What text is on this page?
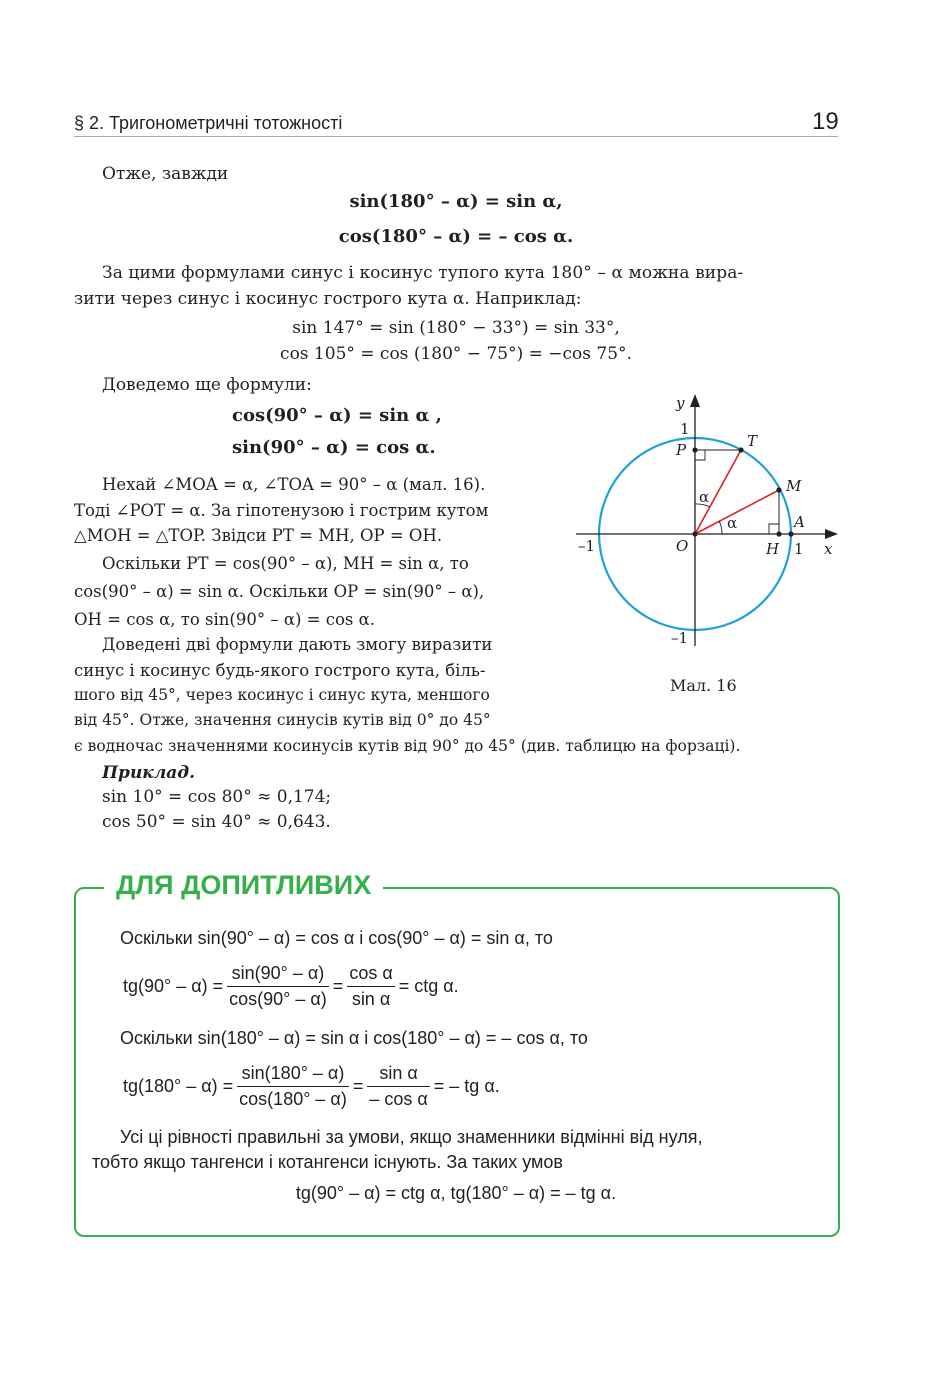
§ 2. Тригонометричні тотожності	19
Отже, завжди
sin(180° – α) = sin α,
cos(180° – α) = – cos α.
За цими формулами синус і косинус тупого кута 180° – α можна вира-
зити через синус і косинус гострого кута α. Наприклад:
sin 147° = sin (180° − 33°) = sin 33°,
cos 105° = cos (180° − 75°) = −cos 75°.
Доведемо ще формули:
cos(90° – α) = sin α ,
sin(90° – α) = cos α.
Нехай ∠MOA = α, ∠TOA = 90° – α (мал. 16).
Тоді ∠POT = α. За гіпотенузою і гострим кутом
△MOH = △TOP. Звідси PT = MH, OP = OH.
Оскільки PT = cos(90° – α), MH = sin α, то
cos(90° – α) = sin α. Оскільки OP = sin(90° – α),
OH = cos α, то sin(90° – α) = cos α.
Доведені дві формули дають змогу виразити
синус і косинус будь-якого гострого кута, біль-
шого від 45°, через косинус і синус кута, меншого
від 45°. Отже, значення синусів кутів від 0° до 45°
є водночас значеннями косинусів кутів від 90° до 45° (див. таблицю на форзаці).
Приклад.
sin 10° = cos 80° ≈ 0,174;
cos 50° = sin 40° ≈ 0,643.
y
1
P	T
M
A
α
α
–1	O	H 1 x
–1
Мал. 16
ДЛЯ ДОПИТЛИВИХ
Оскільки sin(90° – α) = cos α і cos(90° – α) = sin α, то
$tg(90^\circ - \alpha) = \frac{\sin(90^\circ - \alpha)}{\cos(90^\circ - \alpha)} = \frac{\text{cos α}}{\text{sin α}}$ = ctg α.
Оскільки sin(180° – α) = sin α і cos(180° – α) = – cos α, то
$tg(180^\circ - \alpha) = \frac{\sin(180^\circ - \alpha)}{\cos(180^\circ - \alpha)} = \frac{\text{sin α}}{\text{– cos α}}$ = – tg α.
Усі ці рівності правильні за умови, якщо знаменники відмінні від нуля,
тобто якщо тангенси і котангенси існують. За таких умов
tg(90° – α) = ctg α, tg(180° – α) = – tg α.
